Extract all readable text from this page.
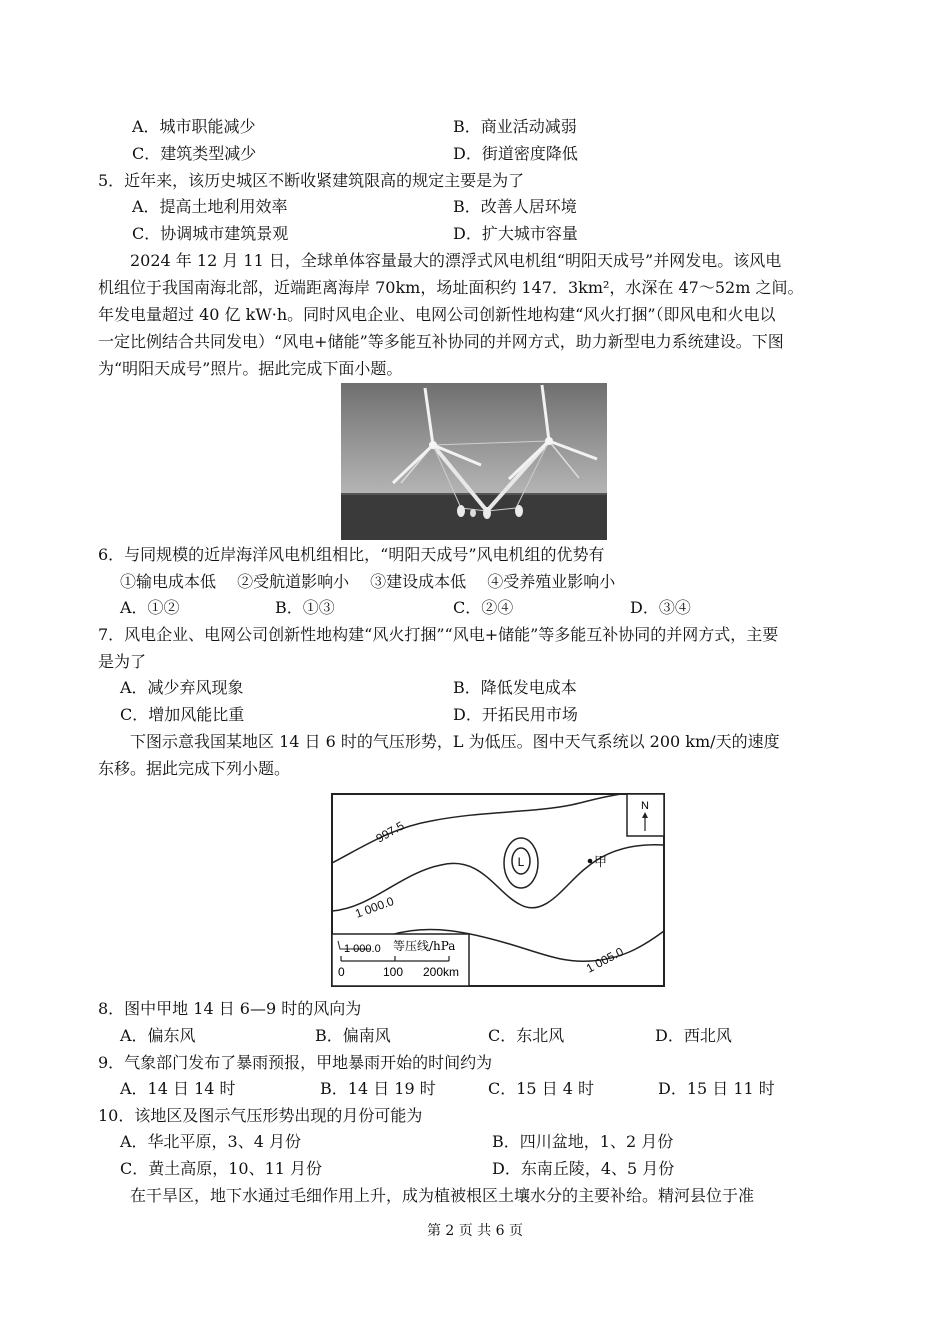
A．城市职能减少	B．商业活动减弱
C．建筑类型减少	D．街道密度降低
5．近年来，该历史城区不断收紧建筑限高的规定主要是为了
A．提高土地利用效率	B．改善人居环境
C．协调城市建筑景观	D．扩大城市容量
　　2024 年 12 月 11 日，全球单体容量最大的漂浮式风电机组“明阳天成号”并网发电。该风电
机组位于我国南海北部，近端距离海岸 70km，场址面积约 147．3km²，水深在 47～52m 之间。
年发电量超过 40 亿 kW·h。同时风电企业、电网公司创新性地构建“风火打捆”（即风电和火电以
一定比例结合共同发电）“风电+储能”等多能互补协同的并网方式，助力新型电力系统建设。下图
为“明阳天成号”照片。据此完成下面小题。
6．与同规模的近岸海洋风电机组相比，“明阳天成号”风电机组的优势有
①输电成本低　 ②受航道影响小　 ③建设成本低　 ④受养殖业影响小
A．①②	B．①③	C．②④	D．③④
7．风电企业、电网公司创新性地构建“风火打捆”“风电+储能”等多能互补协同的并网方式，主要
是为了
A．减少弃风现象	B．降低发电成本
C．增加风能比重	D．开拓民用市场
　　下图示意我国某地区 14 日 6 时的气压形势，L 为低压。图中天气系统以 200 km/天的速度
东移。据此完成下列小题。
L
997.5
1 000.0
1 005.0
甲
N
1 000.0 等压线/hPa
0	100 200km
8．图中甲地 14 日 6—9 时的风向为
A．偏东风	B．偏南风	C．东北风	D．西北风
9．气象部门发布了暴雨预报，甲地暴雨开始的时间约为
A．14 日 14 时	B．14 日 19 时	C．15 日 4 时	D．15 日 11 时
10．该地区及图示气压形势出现的月份可能为
A．华北平原，3、4 月份	B．四川盆地，1、2 月份
C．黄土高原，10、11 月份	D．东南丘陵，4、5 月份
　　在干旱区，地下水通过毛细作用上升，成为植被根区土壤水分的主要补给。精河县位于准
第 2 页 共 6 页
